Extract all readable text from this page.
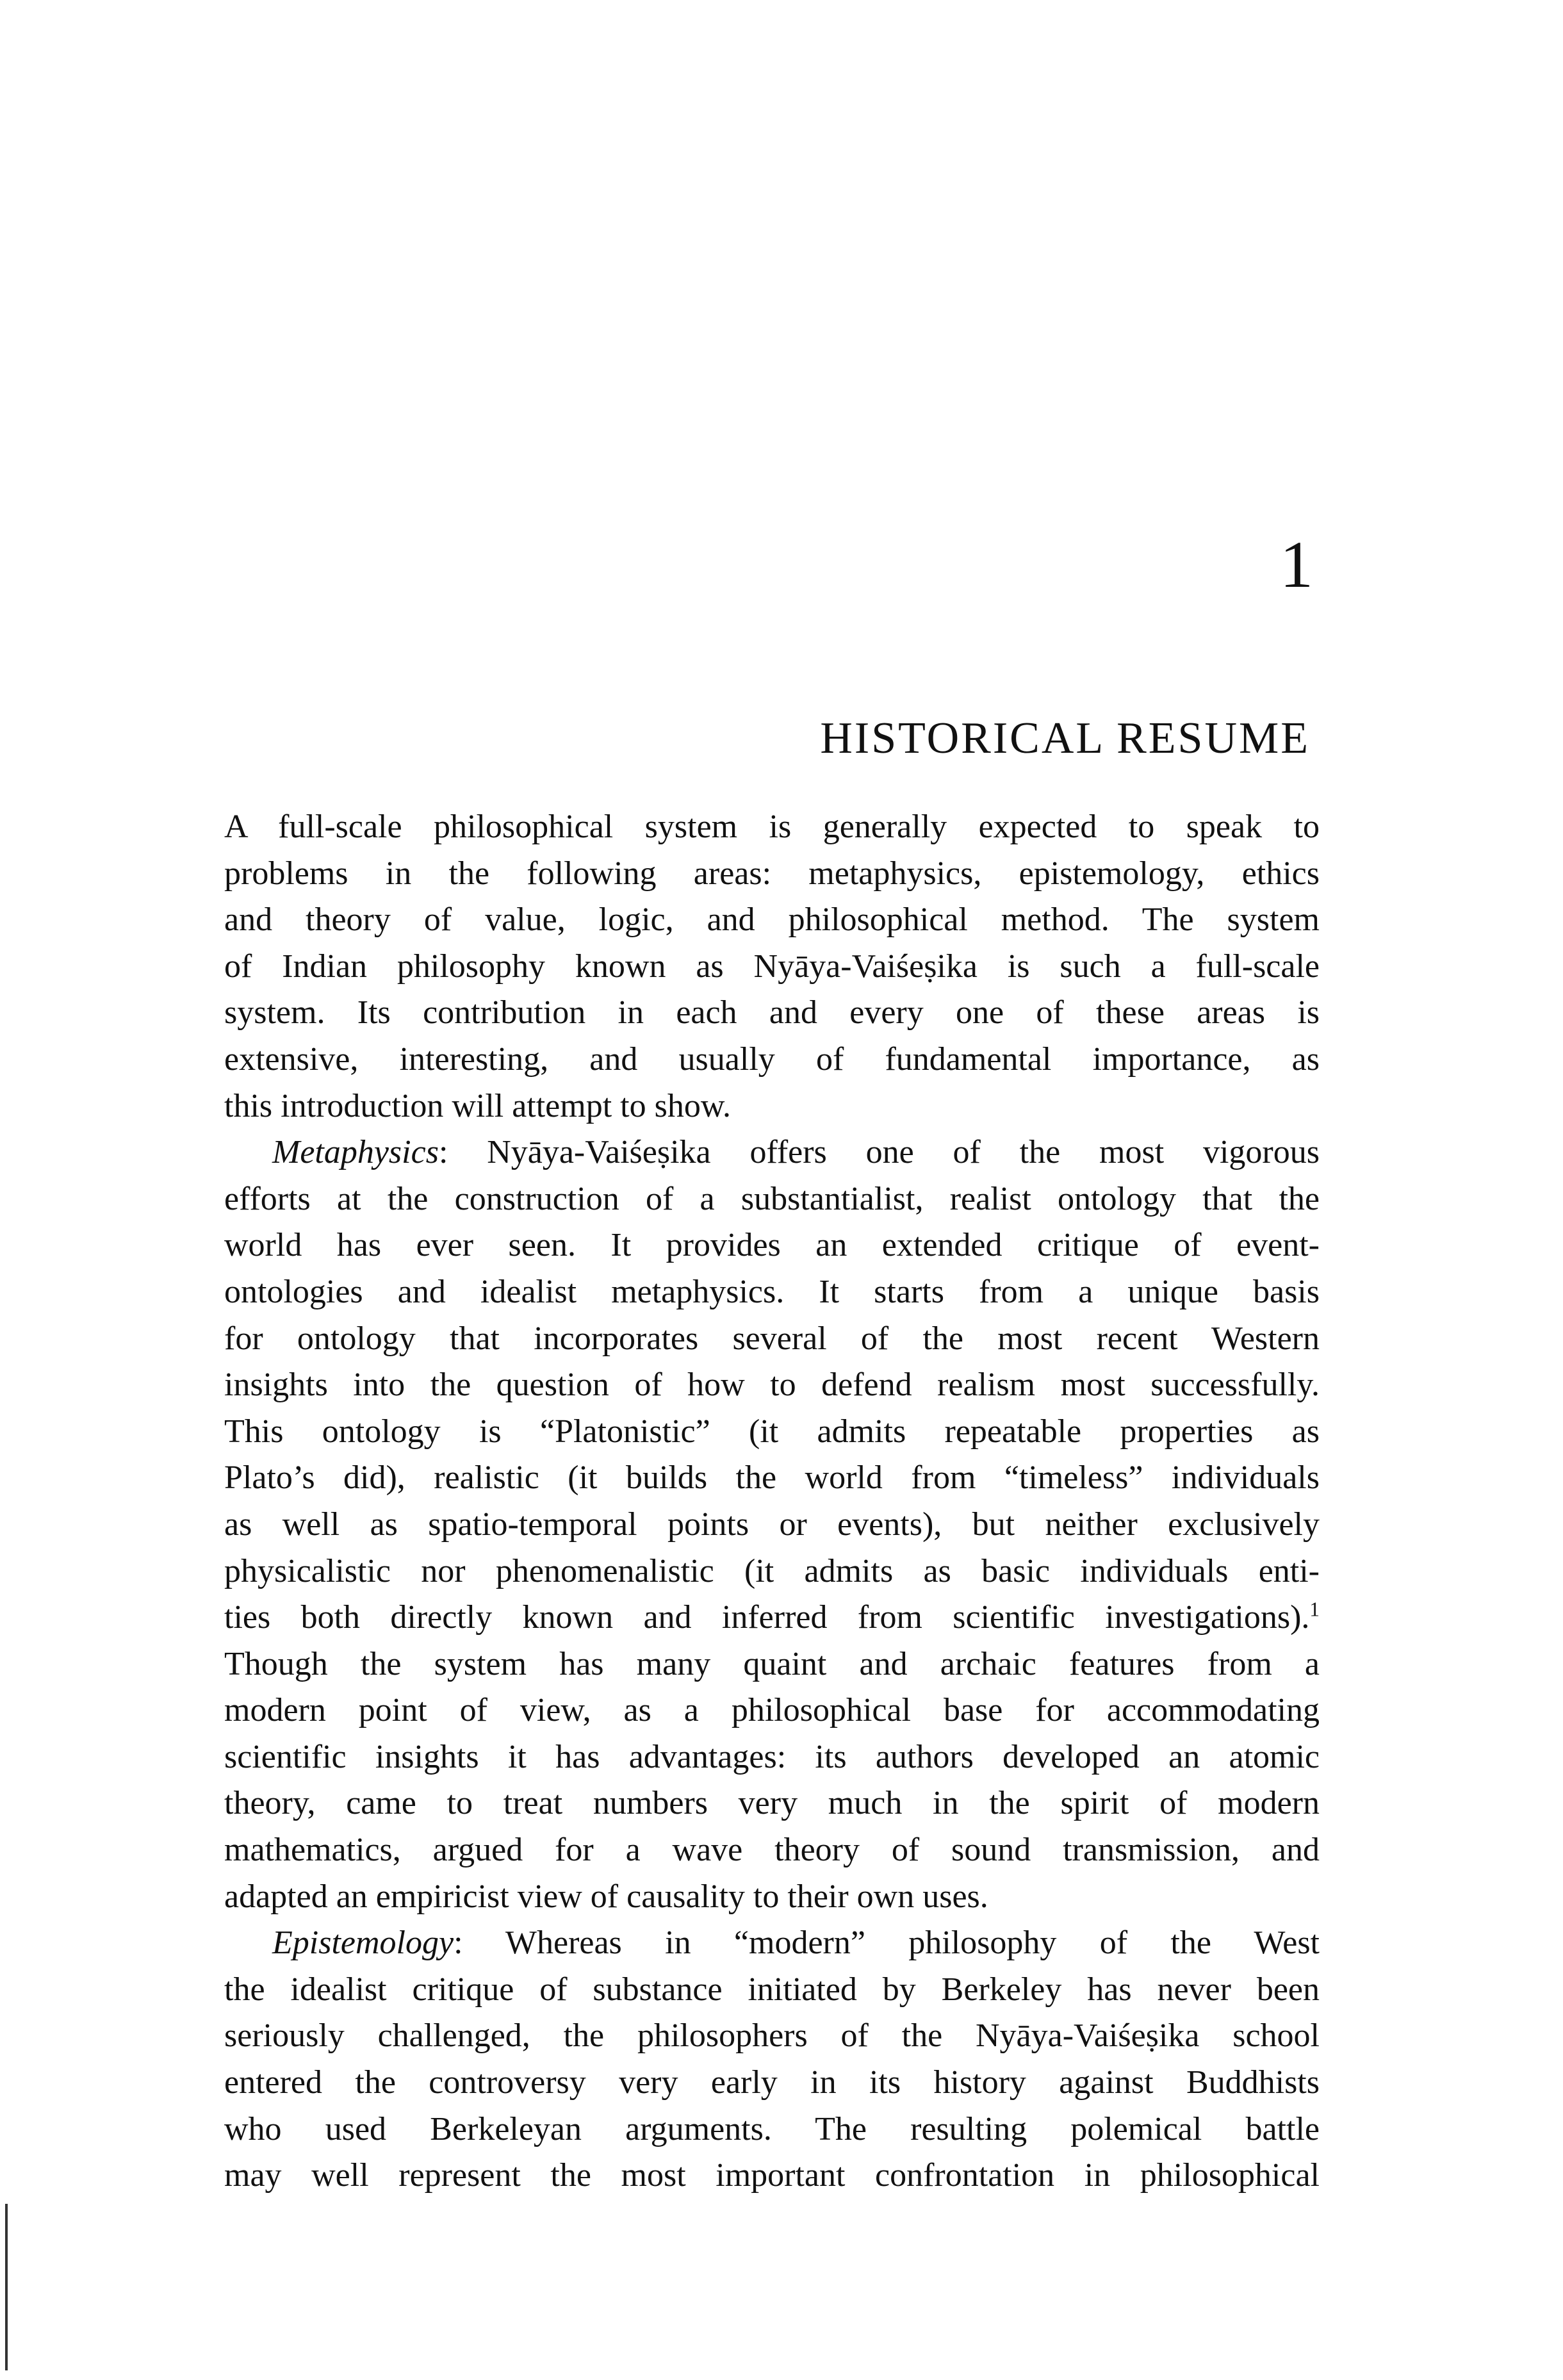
1
HISTORICAL RESUME
A full-scale philosophical system is generally expected to speak to
problems in the following areas: metaphysics, epistemology, ethics
and theory of value, logic, and philosophical method. The system
of Indian philosophy known as Nyāya-Vaiśeṣika is such a full-scale
system. Its contribution in each and every one of these areas is
extensive, interesting, and usually of fundamental importance, as
this introduction will attempt to show.
Metaphysics: Nyāya-Vaiśeṣika offers one of the most vigorous
efforts at the construction of a substantialist, realist ontology that the
world has ever seen. It provides an extended critique of event-
ontologies and idealist metaphysics. It starts from a unique basis
for ontology that incorporates several of the most recent Western
insights into the question of how to defend realism most successfully.
This ontology is “Platonistic” (it admits repeatable properties as
Plato’s did), realistic (it builds the world from “timeless” individuals
as well as spatio-temporal points or events), but neither exclusively
physicalistic nor phenomenalistic (it admits as basic individuals enti-
ties both directly known and inferred from scientific investigations).$^1$
Though the system has many quaint and archaic features from a
modern point of view, as a philosophical base for accommodating
scientific insights it has advantages: its authors developed an atomic
theory, came to treat numbers very much in the spirit of modern
mathematics, argued for a wave theory of sound transmission, and
adapted an empiricist view of causality to their own uses.
Epistemology: Whereas in “modern” philosophy of the West
the idealist critique of substance initiated by Berkeley has never been
seriously challenged, the philosophers of the Nyāya-Vaiśeṣika school
entered the controversy very early in its history against Buddhists
who used Berkeleyan arguments. The resulting polemical battle
may well represent the most important confrontation in philosophical
